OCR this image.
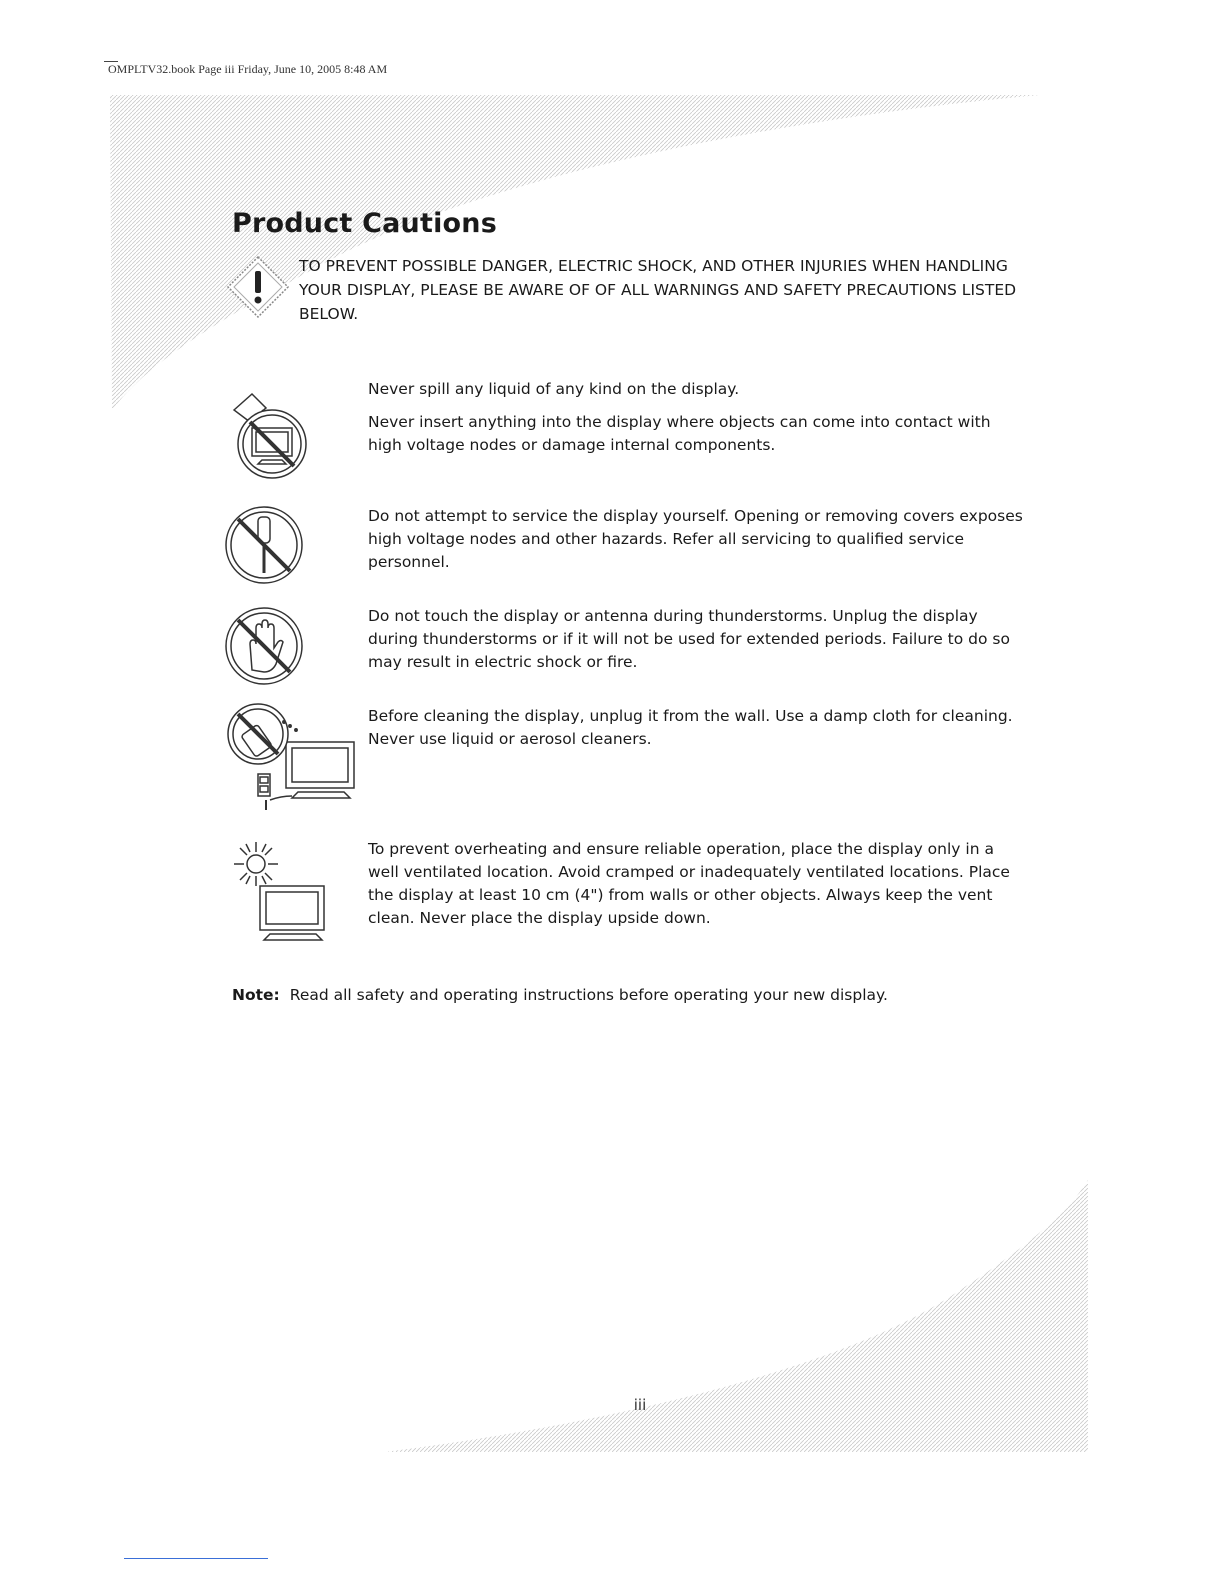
OMPLTV32.book Page iii Friday, June 10, 2005 8:48 AM
Product Cautions
TO PREVENT POSSIBLE DANGER, ELECTRIC SHOCK, AND OTHER INJURIES WHEN HANDLING YOUR DISPLAY, PLEASE BE AWARE OF OF ALL WARNINGS AND SAFETY PRECAUTIONS LISTED BELOW.

Never spill any liquid of any kind on the display.

Never insert anything into the display where objects can come into contact with high voltage nodes or damage internal components.

Do not attempt to service the display yourself. Opening or removing covers exposes high voltage nodes and other hazards. Refer all servicing to qualified service personnel.

Do not touch the display or antenna during thunderstorms. Unplug the display during thunderstorms or if it will not be used for extended periods. Failure to do so may result in electric shock or fire.

Before cleaning the display, unplug it from the wall. Use a damp cloth for cleaning. Never use liquid or aerosol cleaners.

To prevent overheating and ensure reliable operation, place the display only in a well ventilated location. Avoid cramped or inadequately ventilated locations. Place the display at least 10 cm (4") from walls or other objects. Always keep the vent clean. Never place the display upside down.

Note: Read all safety and operating instructions before operating your new display.
iii
